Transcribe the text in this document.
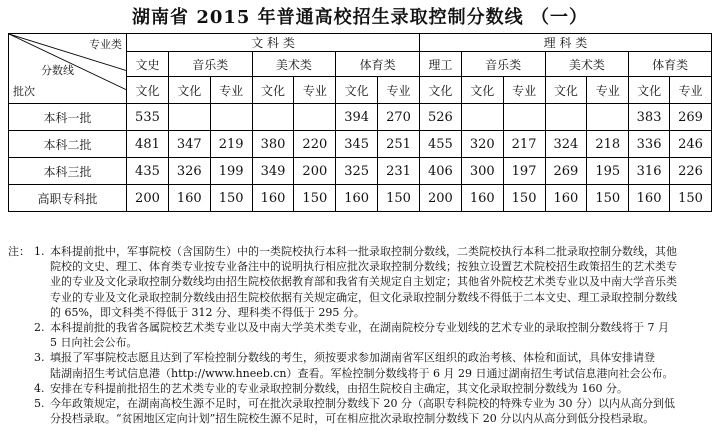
湖南省 2015 年普通高校招生录取控制分数线 （一）
专业类
分数线
批次	文 科 类							理 科 类						
	文史	音乐类		美术类		体育类		理工	音乐类		美术类		体育类	
	文化	文化	专业	文化	专业	文化	专业	文化	文化	专业	文化	专业	文化	专业
本科一批	535					394	270	526					383	269
本科二批	481	347	219	380	220	345	251	455	320	217	324	218	336	246
本科三批	435	326	199	349	200	325	231	406	300	197	269	195	316	226
高职专科批	200	160	150	160	150	160	150	200	160	150	160	150	160	150
注： 1. 本科提前批中，军事院校（含国防生）中的一类院校执行本科一批录取控制分数线，二类院校执行本科二批录取控制分数线，其他
院校的文史、理工、体育类专业按专业备注中的说明执行相应批次录取控制分数线；按独立设置艺术院校招生政策招生的艺术类专
业的专业及文化录取控制分数线均由招生院校依据教育部和我省有关规定自主划定；其他省外院校艺术类专业以及中南大学音乐类
专业的专业及文化录取控制分数线由招生院校依据有关规定确定，但文化录取控制分数线不得低于二本文史、理工录取控制分数线
的 65%，即文科类不得低于 312 分、理科类不得低于 295 分。
2. 本科提前批的我省各属院校艺术类专业以及中南大学美术类专业，在湖南院校分专业划线的艺术专业的录取控制分数线将于 7 月
5 日向社会公布。
3. 填报了军事院校志愿且达到了军检控制分数线的考生，须按要求参加湖南省军区组织的政治考核、体检和面试，具体安排请登
陆湖南招生考试信息港（http://www.hneeb.cn）查看。军检控制分数线将于 6 月 29 日通过湖南招生考试信息港向社会公布。
4. 安排在专科提前批招生的艺术类专业的专业录取控制分数线，由招生院校自主确定，其文化录取控制分数线为 160 分。
5. 今年政策规定，在湖南高校生源不足时，可在批次录取控制分数线下 20 分（高职专科院校的特殊专业为 30 分）以内从高分到低
分投档录取。“贫困地区定向计划”招生院校生源不足时，可在相应批次录取控制分数线下 20 分以内从高分到低分投档录取。
